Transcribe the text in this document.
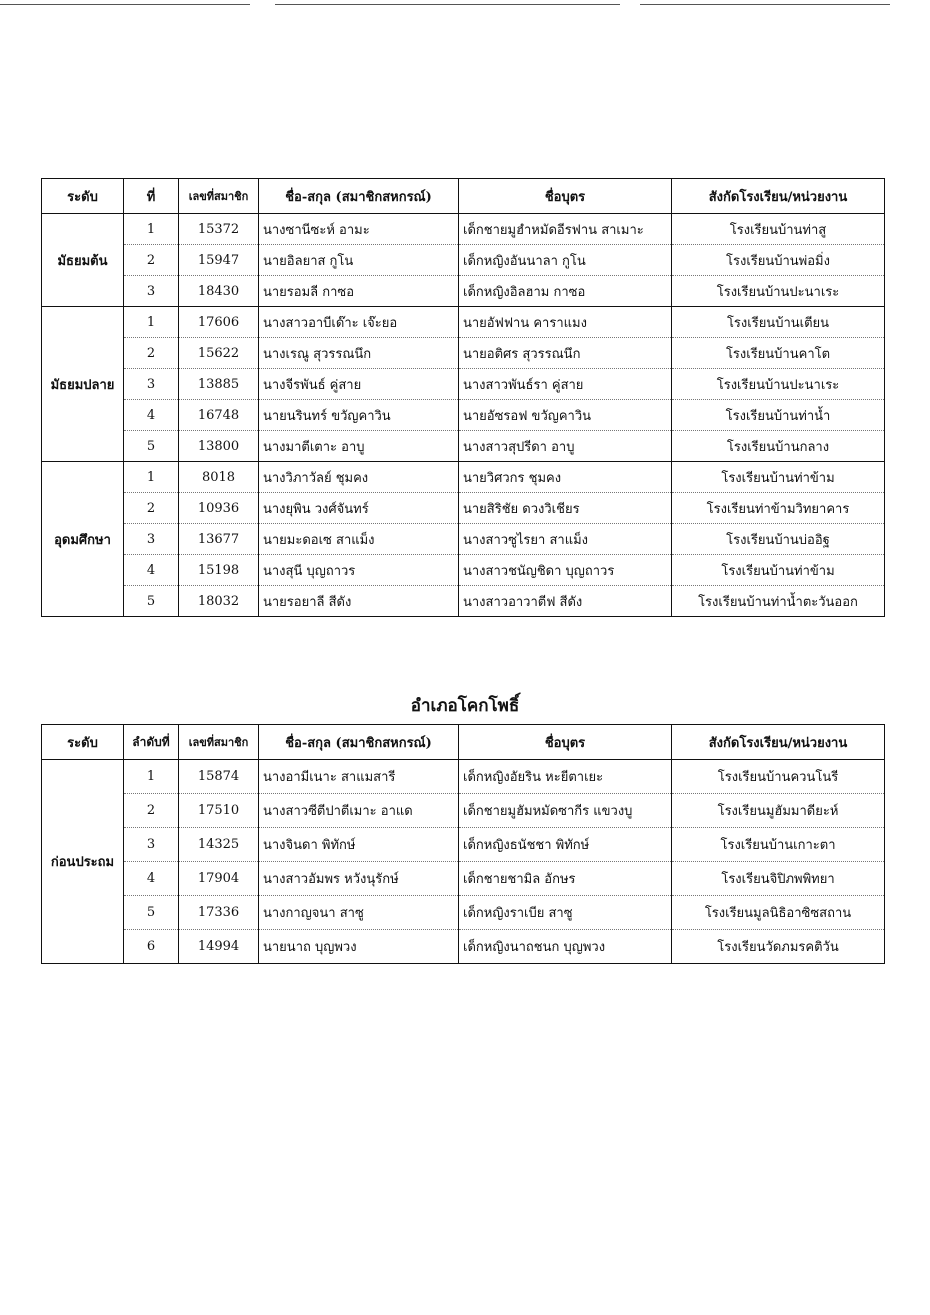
ระดับ	ที่	เลขที่สมาชิก	ชื่อ-สกุล (สมาชิกสหกรณ์)	ชื่อบุตร	สังกัดโรงเรียน/หน่วยงาน
มัธยมต้น	1	15372	นางซานีซะห์ อามะ	เด็กชายมูฮำหมัดอีรฟาน สาเมาะ	โรงเรียนบ้านท่าสู
	2	15947	นายอิลยาส กูโน	เด็กหญิงอันนาลา กูโน	โรงเรียนบ้านพ่อมิ่ง
	3	18430	นายรอมลี กาซอ	เด็กหญิงอิลฮาม กาซอ	โรงเรียนบ้านปะนาเระ
มัธยมปลาย	1	17606	นางสาวอาบีเด๊าะ เจ๊ะยอ	นายอัฟฟาน คาราแมง	โรงเรียนบ้านเตียน
	2	15622	นางเรณู สุวรรณนึก	นายอติศร สุวรรณนึก	โรงเรียนบ้านคาโต
	3	13885	นางจีรพันธ์ คู่สาย	นางสาวพันธ์รา คู่สาย	โรงเรียนบ้านปะนาเระ
	4	16748	นายนรินทร์ ขวัญคาวิน	นายอัซรอฟ ขวัญคาวิน	โรงเรียนบ้านท่าน้ำ
	5	13800	นางมาตีเตาะ อาบู	นางสาวสุปรีดา อาบู	โรงเรียนบ้านกลาง
อุดมศึกษา	1	8018	นางวิภาวัลย์ ชุมคง	นายวิศวกร ชุมคง	โรงเรียนบ้านท่าข้าม
	2	10936	นางยุพิน วงศ์จันทร์	นายสิริชัย ดวงวิเชียร	โรงเรียนท่าข้ามวิทยาคาร
	3	13677	นายมะดอเซ สาแม็ง	นางสาวซูไรยา สาแม็ง	โรงเรียนบ้านบ่ออิฐ
	4	15198	นางสุนี บุญถาวร	นางสาวชนัญชิดา บุญถาวร	โรงเรียนบ้านท่าข้าม
	5	18032	นายรอยาลี สีดัง	นางสาวอาวาตีฟ สีดัง	โรงเรียนบ้านท่าน้ำตะวันออก
อำเภอโคกโพธิ์
ระดับ	ลำดับที่	เลขที่สมาชิก	ชื่อ-สกุล (สมาชิกสหกรณ์)	ชื่อบุตร	สังกัดโรงเรียน/หน่วยงาน
ก่อนประถม	1	15874	นางอามีเนาะ สาแมสารี	เด็กหญิงอัยริน หะยีตาเยะ	โรงเรียนบ้านควนโนรี
	2	17510	นางสาวซีตีปาตีเมาะ อาแด	เด็กชายมูฮัมหมัดซากีร แขวงบู	โรงเรียนมูฮัมมาดียะห์
	3	14325	นางจินดา พิทักษ์	เด็กหญิงธนัชชา พิทักษ์	โรงเรียนบ้านเกาะตา
	4	17904	นางสาวอัมพร หวังนุรักษ์	เด็กชายชามิล อักษร	โรงเรียนจิปิภพพิทยา
	5	17336	นางกาญจนา สาซู	เด็กหญิงราเบีย สาซู	โรงเรียนมูลนิธิอาซิซสถาน
	6	14994	นายนาถ บุญพวง	เด็กหญิงนาถชนก บุญพวง	โรงเรียนวัดภมรคติวัน
